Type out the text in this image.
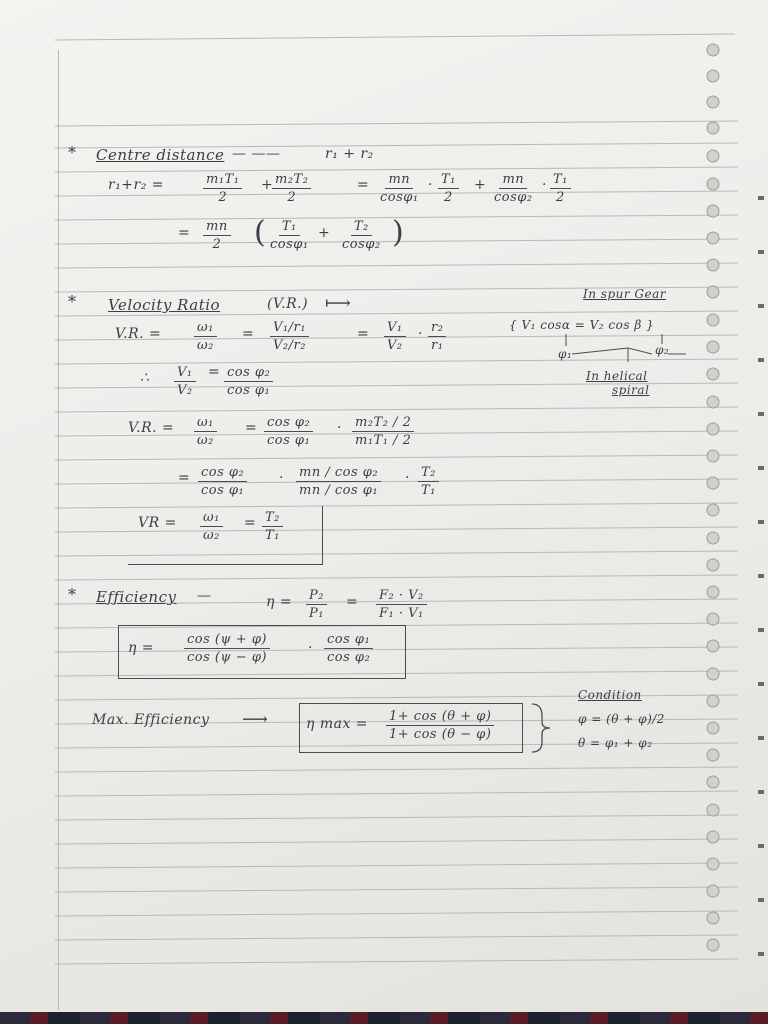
* Centre distance — ——	r₁ + r₂
r₁+r₂ =	$\frac{\text{m₁T₁}}{2}$ +
$\frac{\text{m₂T₂}}{2}$	= $\frac{mn}{\text{cosφ₁}} \cdot \frac{\text{T₁}}{2} + \frac{mn}{\text{cosφ₂}} \cdot \frac{\text{T₁}}{2}$
= $\frac{mn}{2}$ ( $\frac{\text{T₁}}{\text{cosφ₁}} + \frac{\text{T₂}}{\text{cosφ₂}}$ )
* Velocity Ratio	(V.R.) ⟼	In spur Gear
{ V₁ cosα = V₂ cos β }
φ₁	φ₂
In helical
spiral
V.R. =	$\frac{\text{ω₁}}{\text{ω₂}} = \frac{\text{V₁/r₁}}{\text{V₂/r₂}}$	= $\frac{\text{V₁}}{\text{V₂}} \cdot \frac{\text{r₂}}{\text{r₁}}$
∴ $\frac{\text{V₁}}{\text{V₂}} = \frac{\text{cos φ₂}}{\text{cos φ₁}}$
V.R. = $\frac{\text{ω₁}}{\text{ω₂}} = \frac{\text{cos φ₂}}{\text{cos φ₁}} \cdot \frac{\text{m₂T₂ / 2}}{\text{m₁T₁ / 2}}$
= $\frac{\text{cos φ₂}}{\text{cos φ₁}} \cdot \frac{\text{mn / cos φ₂}}{\text{mn / cos φ₁}} \cdot \frac{\text{T₂}}{\text{T₁}}$
VR = $\frac{\text{ω₁}}{\text{ω₂}} = \frac{\text{T₂}}{\text{T₁}}$
* Efficiency —	$\eta = \frac{\text{P₂}}{\text{P₁}} = \frac{\text{F₂ · V₂}}{\text{F₁ · V₁}}$
$\eta = \frac{\cos (\psi + \varphi)}{\cos (\psi - \varphi)}$	· $\frac{\text{cos φ₁}}{\text{cos φ₂}}$
Max. Efficiency ⟶	η $\max = \frac{1+ \cos (\theta + \varphi)}{1+ \cos (\theta - \varphi)}$
Condition
φ = (θ + φ)/2
θ = φ₁ + φ₂
